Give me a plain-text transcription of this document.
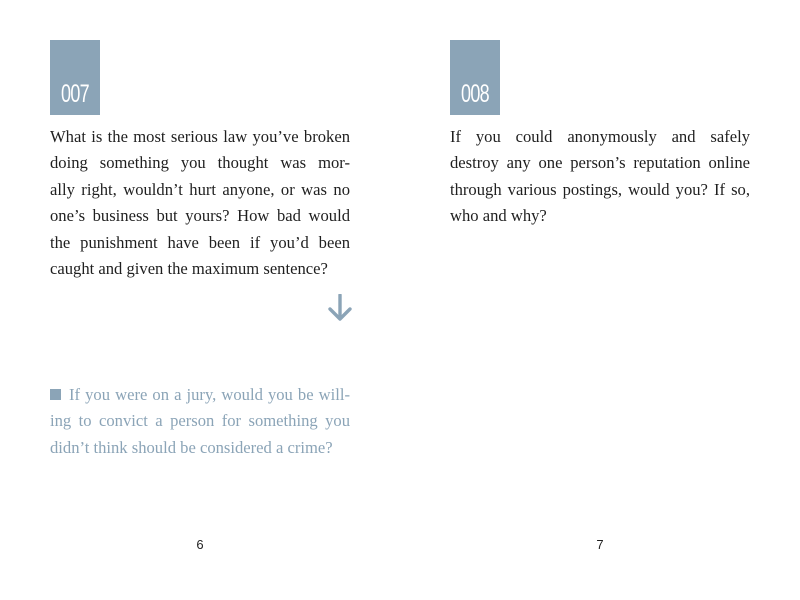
007

What is the most serious law you’ve broken
doing something you thought was mor-
ally right, wouldn’t hurt anyone, or was no
one’s business but yours? How bad would
the punishment have been if you’d been
caught and given the maximum sentence?

If you were on a jury, would you be will-
ing to convict a person for something you
didn’t think should be considered a crime?

6
008

If you could anonymously and safely
destroy any one person’s reputation online
through various postings, would you? If so,
who and why?

7
